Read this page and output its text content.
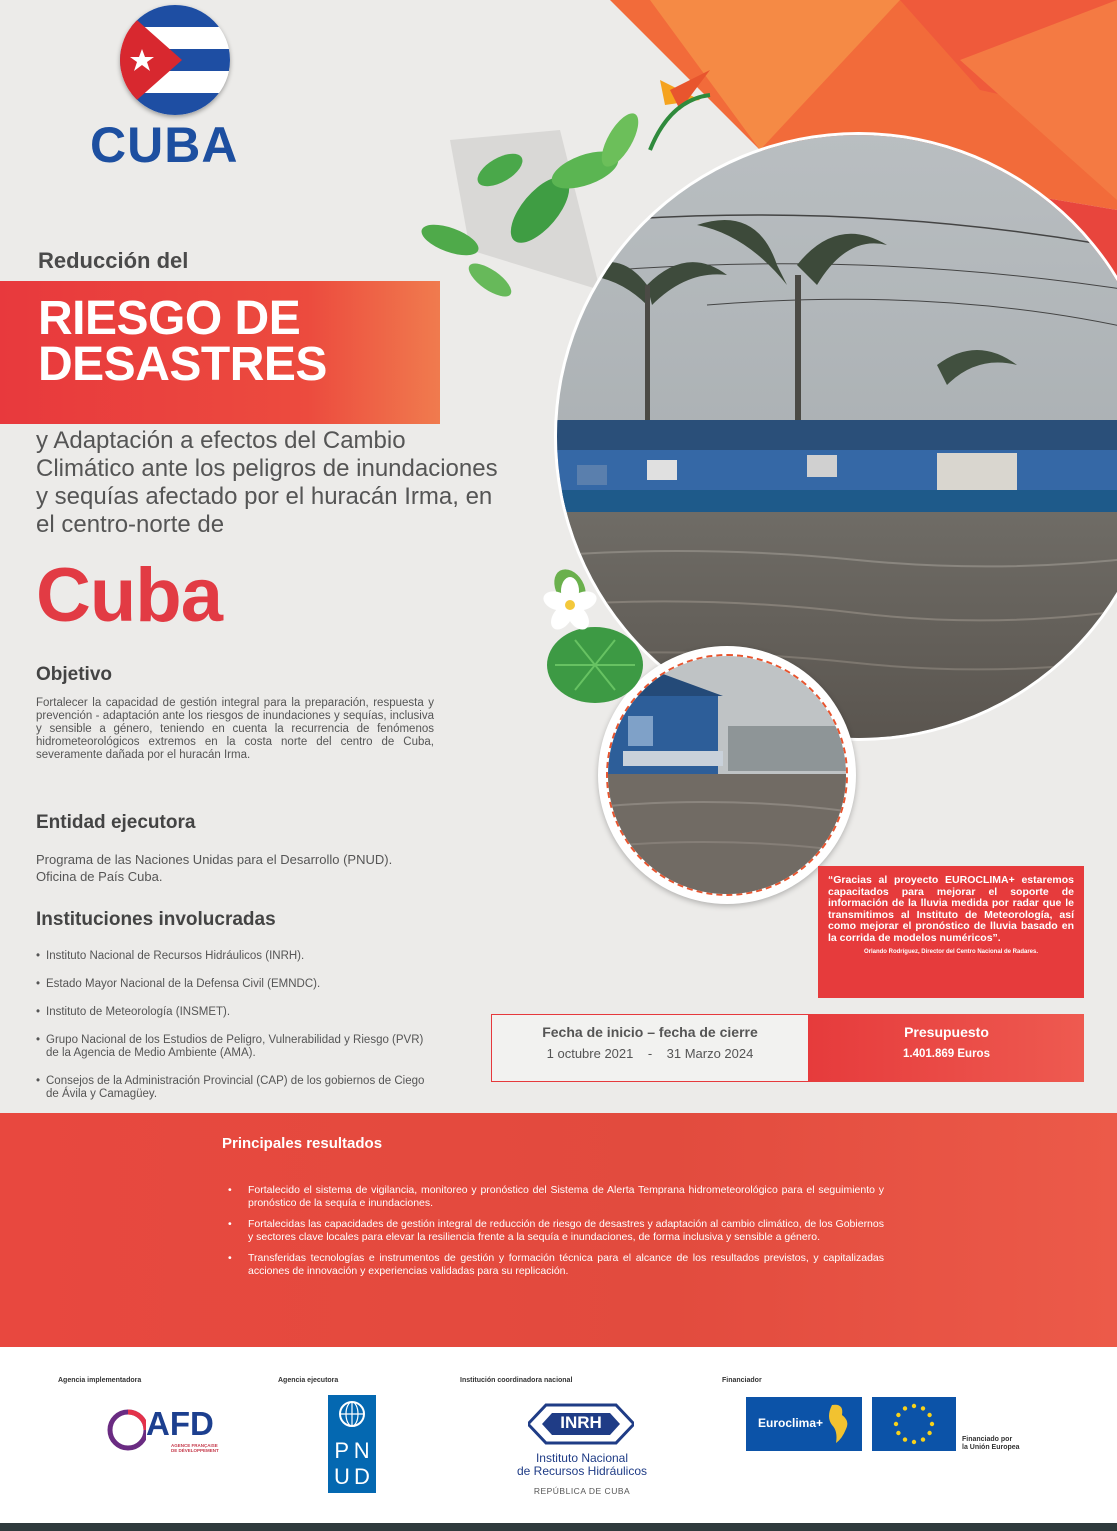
CUBA
Reducción del
RIESGO DE
DESASTRES
y Adaptación a efectos del Cambio Climático ante los peligros de inundaciones y sequías afectado por el huracán Irma, en el centro-norte de
Cuba
Objetivo
Fortalecer la capacidad de gestión integral para la preparación, respuesta y prevención - adaptación ante los riesgos de inundaciones y sequías, inclusiva y sensible a género, teniendo en cuenta la recurrencia de fenómenos hidrometeorológicos extremos en la costa norte del centro de Cuba, severamente dañada por el huracán Irma.
Entidad ejecutora
Programa de las Naciones Unidas para el Desarrollo (PNUD). Oficina de País Cuba.
Instituciones involucradas
• Instituto Nacional de Recursos Hidráulicos (INRH).
• Estado Mayor Nacional de la Defensa Civil (EMNDC).
• Instituto de Meteorología (INSMET).
• Grupo Nacional de los Estudios de Peligro, Vulnerabilidad y Riesgo (PVR) de la Agencia de Medio Ambiente (AMA).
• Consejos de la Administración Provincial (CAP) de los gobiernos de Ciego de Ávila y Camagüey.
“Gracias al proyecto EUROCLIMA+ estaremos capacitados para mejorar el soporte de información de la lluvia medida por radar que le transmitimos al Instituto de Meteorología, así como mejorar el pronóstico de lluvia basado en la corrida de modelos numéricos”.
Orlando Rodríguez, Director del Centro Nacional de Radares.
Fecha de inicio – fecha de cierre
1 octubre 2021 - 31 Marzo 2024
Presupuesto
1.401.869 Euros
Principales resultados
• Fortalecido el sistema de vigilancia, monitoreo y pronóstico del Sistema de Alerta Temprana hidrometeorológico para el seguimiento y pronóstico de la sequía e inundaciones.
• Fortalecidas las capacidades de gestión integral de reducción de riesgo de desastres y adaptación al cambio climático, de los Gobiernos y sectores clave locales para elevar la resiliencia frente a la sequía e inundaciones, de forma inclusiva y sensible a género.
• Transferidas tecnologías e instrumentos de gestión y formación técnica para el alcance de los resultados previstos, y capitalizadas acciones de innovación y experiencias validadas para su replicación.
Agencia implementadora	Agencia ejecutora	Institución coordinadora nacional	Financiador
AFD
AGENCE FRANÇAISE
DE DÉVELOPPEMENT	P N
U D
INRH
Instituto Nacional
de Recursos Hidráulicos
REPÚBLICA DE CUBA
Euroclima+
Financiado por
la Unión Europea
